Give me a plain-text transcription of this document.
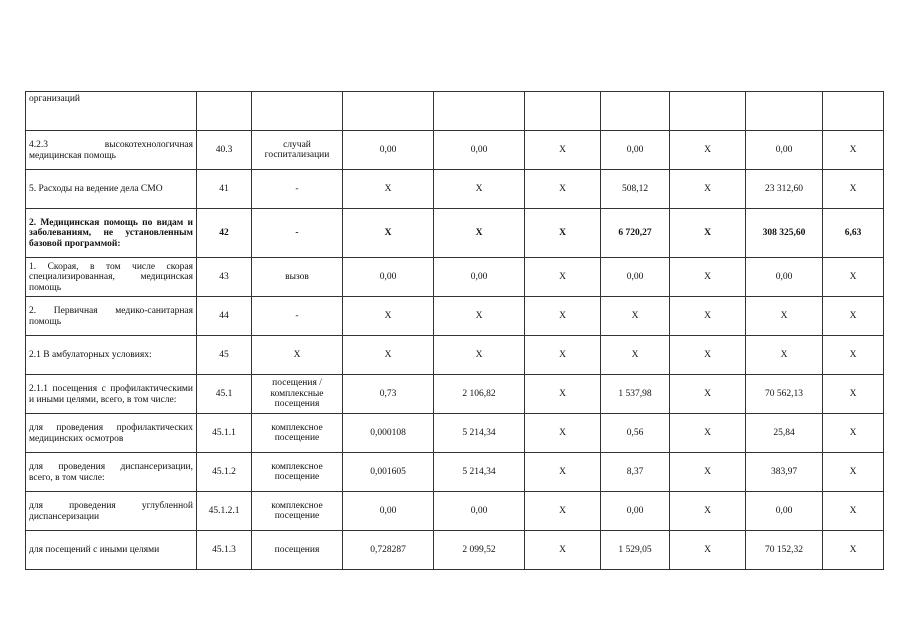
организаций									
4.2.3 высокотехнологичная медицинская помощь	40.3	случай госпитализации	0,00	0,00	X	0,00	X	0,00	X
5. Расходы на ведение дела СМО	41	-	X	X	X	508,12	X	23 312,60	X
2. Медицинская помощь по видам и заболеваниям, не установленным базовой программой:	42	-	X	X	X	6 720,27	X	308 325,60	6,63
1. Скорая, в том числе скорая специализированная, медицинская помощь	43	вызов	0,00	0,00	X	0,00	X	0,00	X
2. Первичная медико-санитарная помощь	44	-	X	X	X	X	X	X	X
2.1 В амбулаторных условиях:	45	X	X	X	X	X	X	X	X
2.1.1 посещения с профилактическими и иными целями, всего, в том числе:	45.1	посещения / комплексные посещения	0,73	2 106,82	X	1 537,98	X	70 562,13	X
для проведения профилактических медицинских осмотров	45.1.1	комплексное посещение	0,000108	5 214,34	X	0,56	X	25,84	X
для проведения диспансеризации, всего, в том числе:	45.1.2	комплексное посещение	0,001605	5 214,34	X	8,37	X	383,97	X
для проведения углубленной диспансеризации	45.1.2.1	комплексное посещение	0,00	0,00	X	0,00	X	0,00	X
для посещений с иными целями	45.1.3	посещения	0,728287	2 099,52	X	1 529,05	X	70 152,32	X
